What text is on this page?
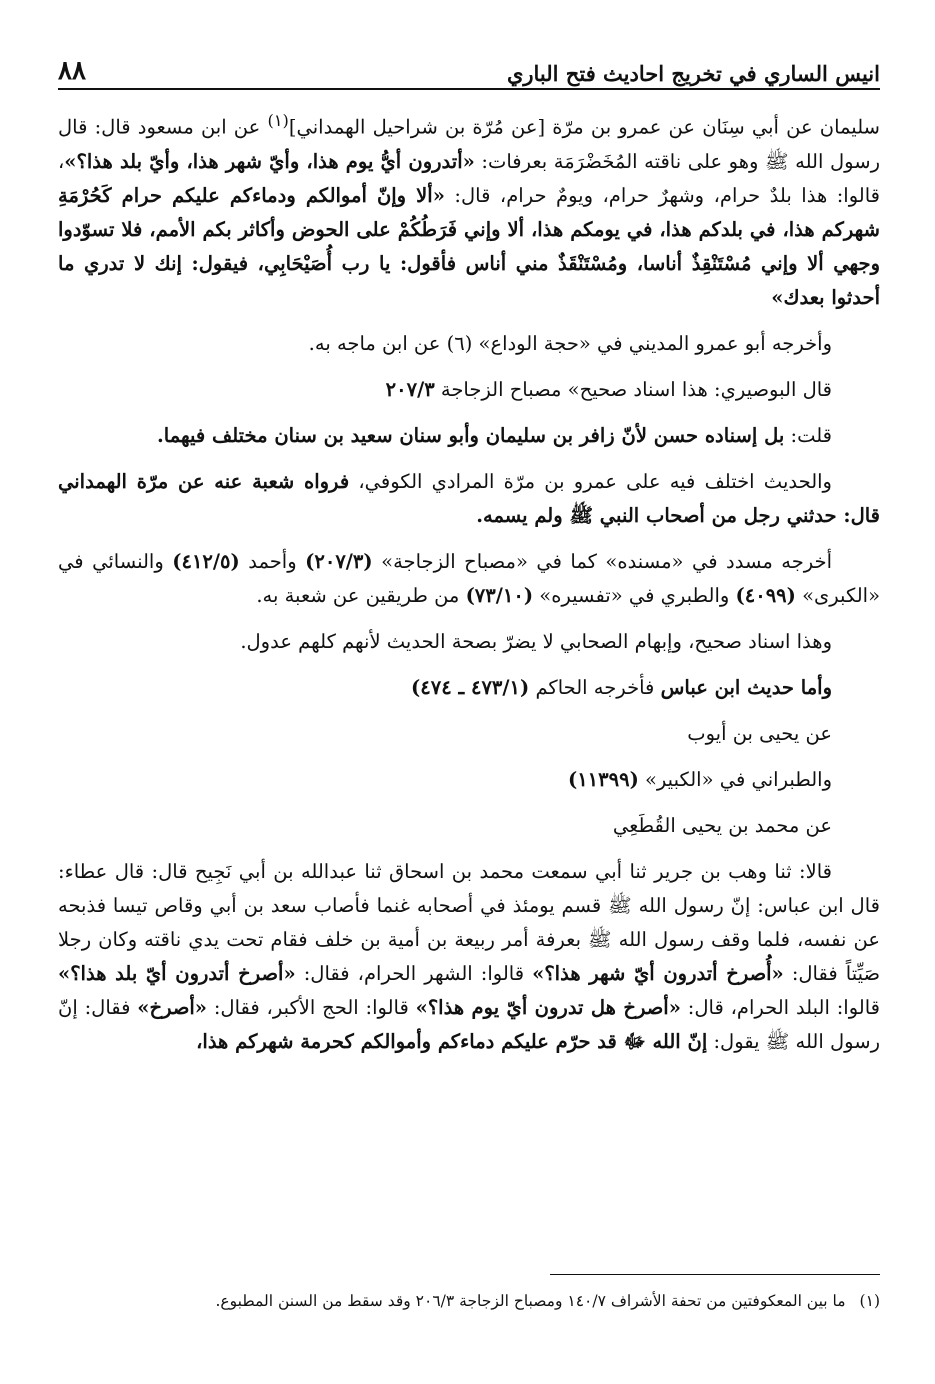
انيس الساري في تخريج احاديث فتح الباري
٨٨

سليمان عن أبي سِنَان عن عمرو بن مرّة [عن مُرّة بن شراحيل الهمداني]$^{(١)}$ عن ابن مسعود قال: قال رسول الله ﷺ وهو على ناقته المُخَضْرَمَة بعرفات: «أتدرون أيُّ يوم هذا، وأيّ شهر هذا، وأيّ بلد هذا؟»، قالوا: هذا بلدٌ حرام، وشهرٌ حرام، ويومٌ حرام، قال: «ألا وإنّ أموالكم ودماءكم عليكم حرام كَحُرْمَةِ شهركم هذا، في بلدكم هذا، في يومكم هذا، ألا وإني فَرَطُكُمْ على الحوض وأكاثر بكم الأمم، فلا تسوّدوا وجهي ألا وإني مُسْتَنْقِذٌ أناسا، ومُسْتَنْقَذٌ مني أناس فأقول: يا رب أُصَيْحَابِي، فيقول: إنك لا تدري ما أحدثوا بعدك»

وأخرجه أبو عمرو المديني في «حجة الوداع» (٦) عن ابن ماجه به.

قال البوصيري: هذا اسناد صحيح» مصباح الزجاجة ٢٠٧/٣

قلت: بل إسناده حسن لأنّ زافر بن سليمان وأبو سنان سعيد بن سنان مختلف فيهما.

والحديث اختلف فيه على عمرو بن مرّة المرادي الكوفي، فرواه شعبة عنه عن مرّة الهمداني قال: حدثني رجل من أصحاب النبي ﷺ ولم يسمه.

أخرجه مسدد في «مسنده» كما في «مصباح الزجاجة» (٢٠٧/٣) وأحمد (٤١٢/٥) والنسائي في «الكبرى» (٤٠٩٩) والطبري في «تفسيره» (٧٣/١٠) من طريقين عن شعبة به.

وهذا اسناد صحيح، وإبهام الصحابي لا يضرّ بصحة الحديث لأنهم كلهم عدول.

وأما حديث ابن عباس فأخرجه الحاكم (٤٧٣/١ ـ ٤٧٤)

عن يحيى بن أيوب

والطبراني في «الكبير» (١١٣٩٩)

عن محمد بن يحيى القُطَعِي

قالا: ثنا وهب بن جرير ثنا أبي سمعت محمد بن اسحاق ثنا عبدالله بن أبي نَجِيح قال: قال عطاء: قال ابن عباس: إنّ رسول الله ﷺ قسم يومئذ في أصحابه غنما فأصاب سعد بن أبي وقاص تيسا فذبحه عن نفسه، فلما وقف رسول الله ﷺ بعرفة أمر ربيعة بن أمية بن خلف فقام تحت يدي ناقته وكان رجلا صَيِّتاً فقال: «أُصرخ أتدرون أيّ شهر هذا؟» قالوا: الشهر الحرام، فقال: «أصرخ أتدرون أيّ بلد هذا؟» قالوا: البلد الحرام، قال: «أصرخ هل تدرون أيّ يوم هذا؟» قالوا: الحج الأكبر، فقال: «أصرخ» فقال: إنّ رسول الله ﷺ يقول: إنّ الله ﷻ قد حرّم عليكم دماءكم وأموالكم كحرمة شهركم هذا،

(١)ما بين المعكوفتين من تحفة الأشراف ١٤٠/٧ ومصباح الزجاجة ٢٠٦/٣ وقد سقط من السنن المطبوع.
